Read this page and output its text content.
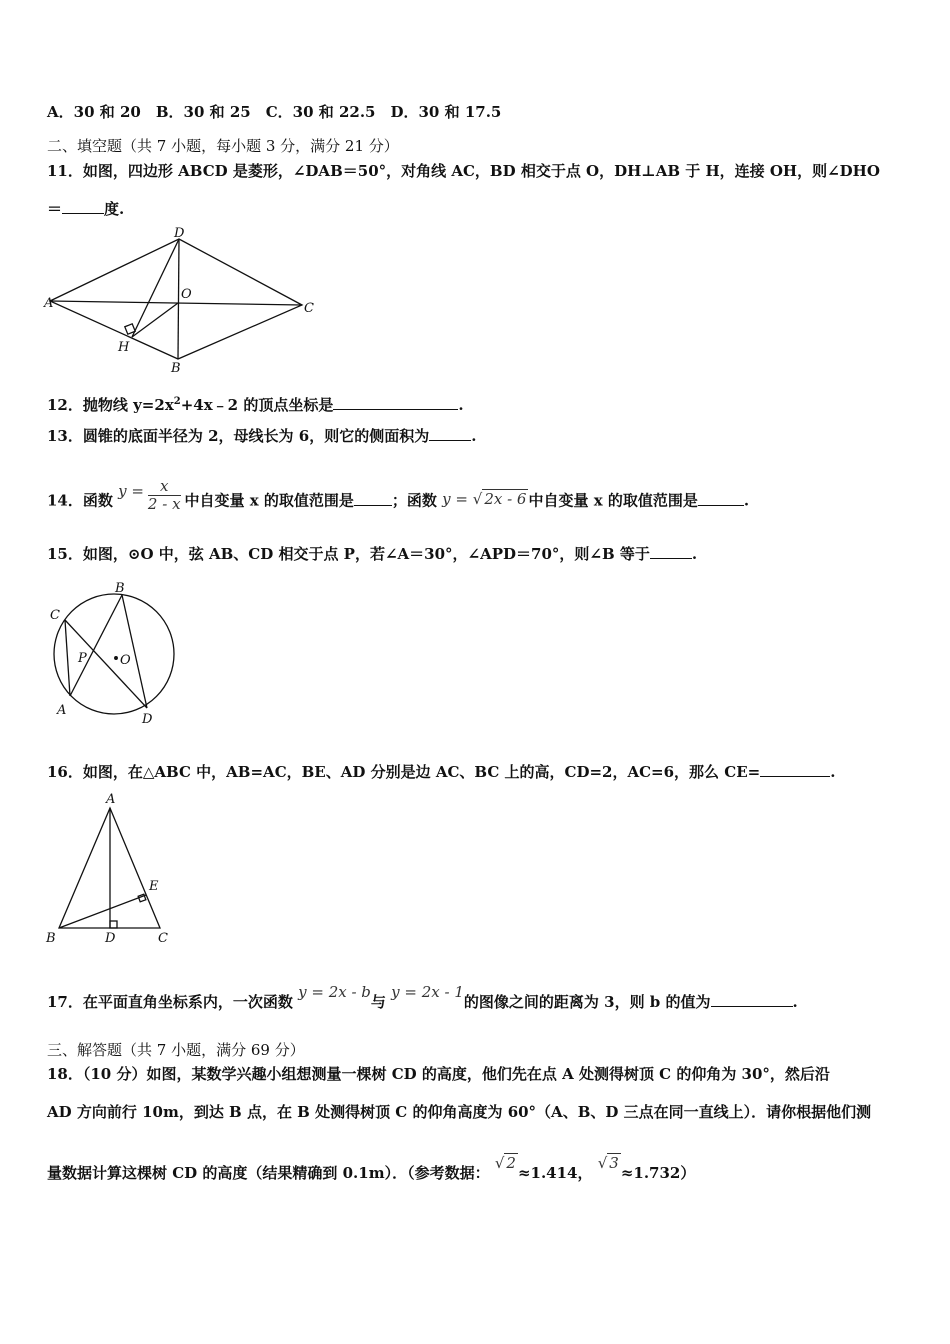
A．30 和 20　B．30 和 25　C．30 和 22.5　D．30 和 17.5
二、填空题（共 7 小题，每小题 3 分，满分 21 分）
11．如图，四边形 ABCD 是菱形，∠DAB＝50°，对角线 AC，BD 相交于点 O，DH⊥AB 于 H，连接 OH，则∠DHO
＝	度.
A
D
O
C
H
B
12．抛物线 $y=2x^2+4x﹣2$ 的顶点坐标是	.
13．圆锥的底面半径为 2，母线长为 6，则它的侧面积为	.
14．函数 $y = \frac{x}{2 - x}$ 中自变量 x 的取值范围是	；函数 y = √ 2x - 6 中自变量 x 的取值范围是	.
15．如图，⊙O 中，弦 AB、CD 相交于点 P，若∠A＝30°，∠APD＝70°，则∠B 等于	.
B
C
P	O
A
D
16．如图，在△ABC 中，AB=AC，BE、AD 分别是边 AC、BC 上的高，CD=2，AC=6，那么 CE=	.
A
E
B	D	C
17．在平面直角坐标系内，一次函数 y = 2x - b与 y = 2x - 1的图像之间的距离为 3，则 b 的值为	.
三、解答题（共 7 小题，满分 69 分）
18．（10 分）如图，某数学兴趣小组想测量一棵树 CD 的高度，他们先在点 A 处测得树顶 C 的仰角为 30°，然后沿
AD 方向前行 10m，到达 B 点，在 B 处测得树顶 C 的仰角高度为 60°（A、B、D 三点在同一直线上）．请你根据他们测
量数据计算这棵树 CD 的高度（结果精确到 0.1m）．（参考数据： √ 2≈1.414， √ 3≈1.732）
